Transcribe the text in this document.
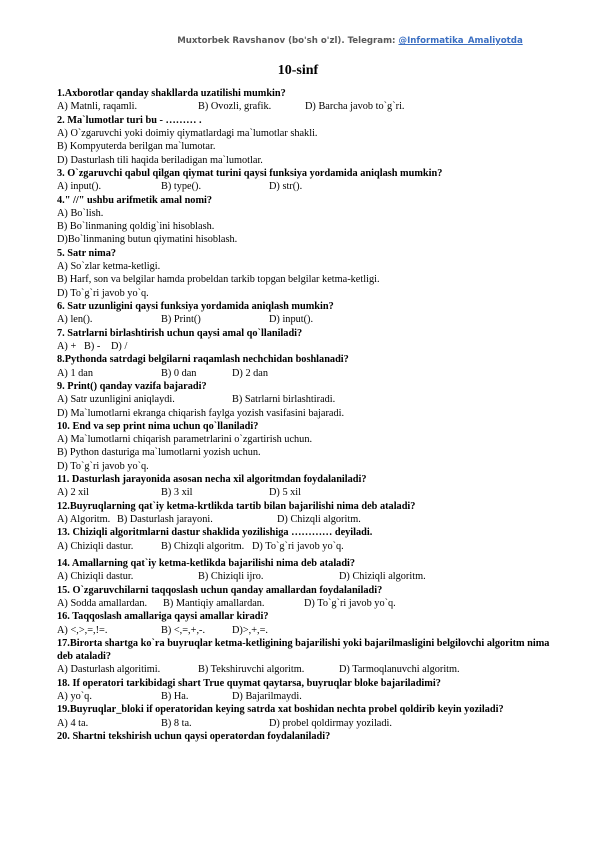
Muxtorbek Ravshanov (bo'sh o'zl). Telegram: @Informatika_Amaliyotda
10-sinf
1.Axborotlar qanday shakllarda uzatilishi mumkin?
A) Matnli, raqamli.	B) Ovozli, grafik.	D) Barcha javob to`g`ri.
2. Ma`lumotlar turi bu - ……… .
A) O`zgaruvchi yoki doimiy qiymatlardagi ma`lumotlar shakli.
B) Kompyuterda berilgan ma`lumotar.
D) Dasturlash tili haqida beriladigan ma`lumotlar.
3. O`zgaruvchi qabul qilgan qiymat turini qaysi funksiya yordamida aniqlash mumkin?
A) input().	B) type().	D) str().
4." //" ushbu arifmetik amal nomi?
A) Bo`lish.
B) Bo`linmaning qoldig`ini hisoblash.
D)Bo`linmaning butun qiymatini hisoblash.
5. Satr nima?
A) So`zlar ketma-ketligi.
B) Harf, son va belgilar hamda probeldan tarkib topgan belgilar ketma-ketligi.
D) To`g`ri javob yo`q.
6. Satr uzunligini qaysi funksiya yordamida aniqlash mumkin?
A) len().	B) Print()	D) input().
7. Satrlarni birlashtirish uchun qaysi amal qo`llaniladi?
A) + B) - D) /
8.Pythonda satrdagi belgilarni raqamlash nechchidan boshlanadi?
A) 1 dan	B) 0 dan	D) 2 dan
9. Print() qanday vazifa bajaradi?
A) Satr uzunligini aniqlaydi.	B) Satrlarni birlashtiradi.
D) Ma`lumotlarni ekranga chiqarish faylga yozish vasifasini bajaradi.
10. End va sep print nima uchun qo`llaniladi?
A) Ma`lumotlarni chiqarish parametrlarini o`zgartirish uchun.
B) Python dasturiga ma`lumotlarni yozish uchun.
D) To`g`ri javob yo`q.
11. Dasturlash jarayonida asosan necha xil algoritmdan foydalaniladi?
A) 2 xil	B) 3 xil	D) 5 xil
12.Buyruqlarning qat`iy ketma-krtlikda tartib bilan bajarilishi nima deb ataladi?
A) Algoritm. B) Dasturlash jarayoni.	D) Chizqli algoritm.
13. Chiziqli algoritmlarni dastur shaklida yozilishiga ………… deyiladi.
A) Chiziqli dastur.	B) Chizqli algoritm. D) To`g`ri javob yo`q.
14. Amallarning qat`iy ketma-ketlikda bajarilishi nima deb ataladi?
A) Chiziqli dastur.	B) Chiziqli ijro.	D) Chiziqli algoritm.
15. O`zgaruvchilarni taqqoslash uchun qanday amallardan foydalaniladi?
A) Sodda amallardan. B) Mantiqiy amallardan.	D) To`g`ri javob yo`q.
16. Taqqoslash amallariga qaysi amallar kiradi?
A) <,>,=,!=.	B) <,=,+,-.	D)>,+,=.
17.Birorta shartga ko`ra buyruqlar ketma-ketligining bajarilishi yoki bajarilmasligini belgilovchi algoritm nima deb ataladi?
A) Dasturlash algoritimi.	B) Tekshiruvchi algoritm.	D) Tarmoqlanuvchi algoritm.
18. If operatori tarkibidagi shart True quymat qaytarsa, buyruqlar bloke bajariladimi?
A) yo`q.	B) Ha.	D) Bajarilmaydi.
19.Buyruqlar_bloki if operatoridan keying satrda xat boshidan nechta probel qoldirib keyin yoziladi?
A) 4 ta.	B) 8 ta.	D) probel qoldirmay yoziladi.
20. Shartni tekshirish uchun qaysi operatordan foydalaniladi?
